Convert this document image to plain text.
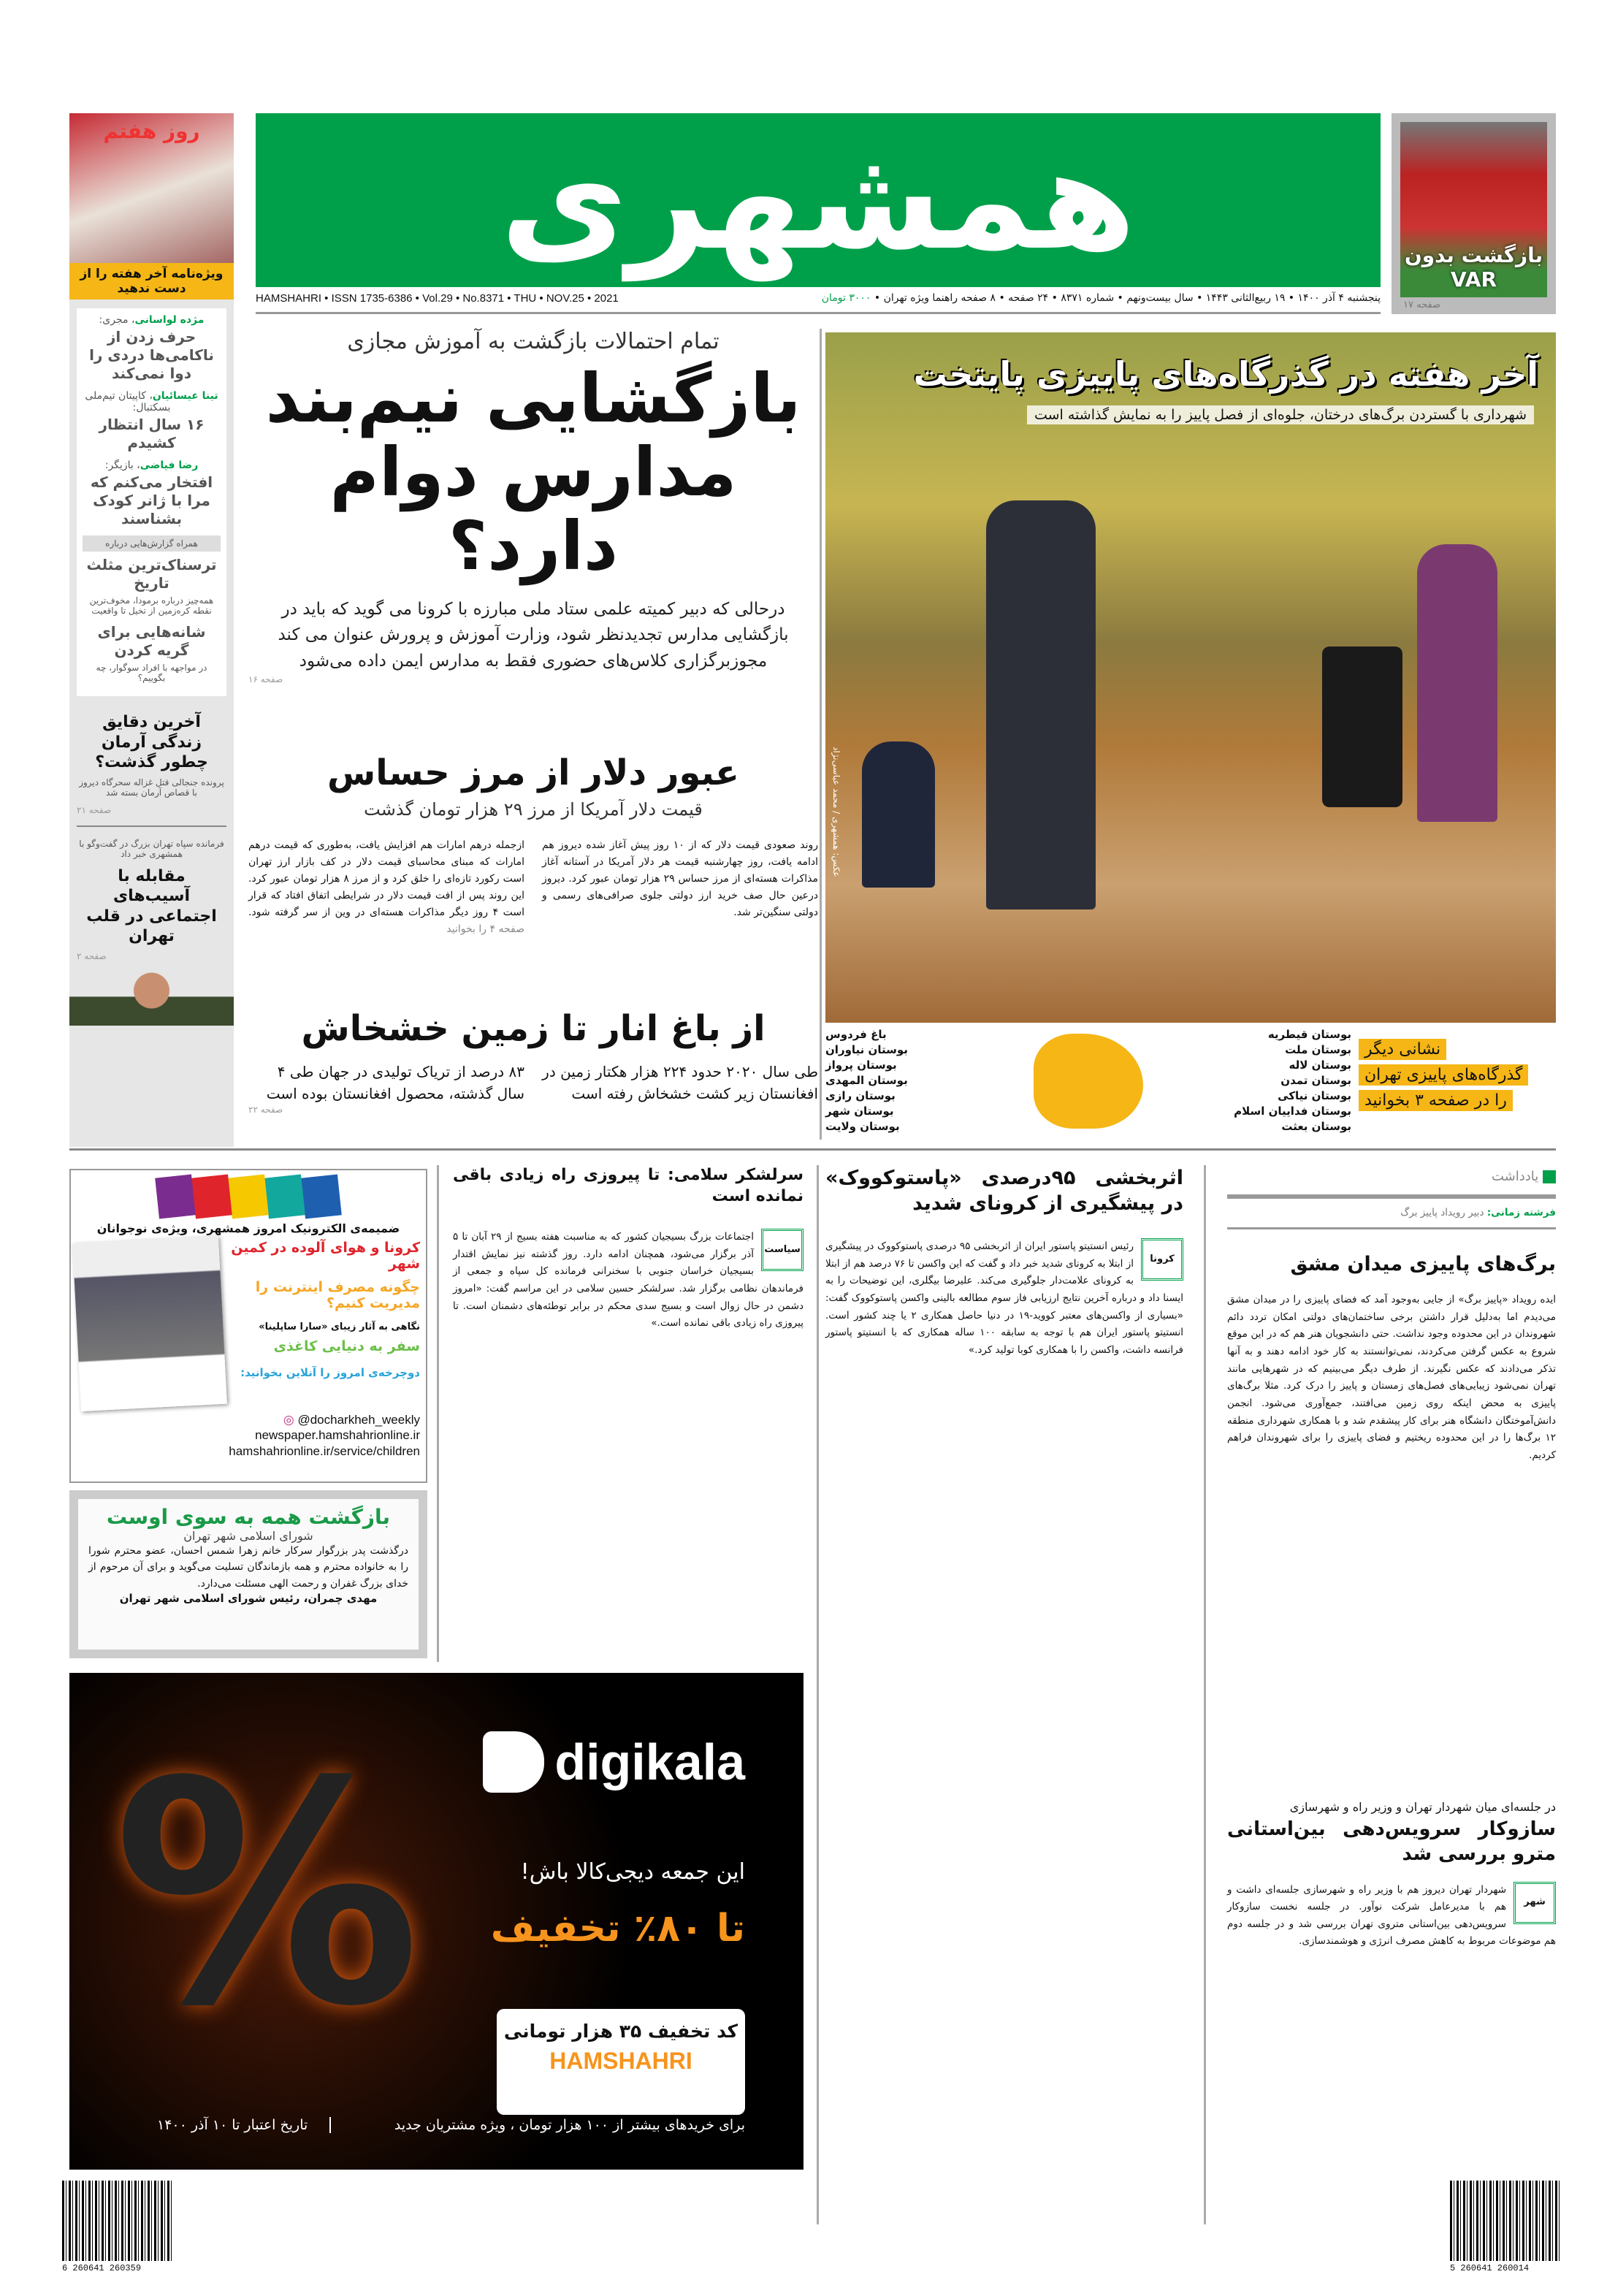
روز هفتم
ویژه‌نامه آخر هفته را از دست ندهید
همشهری	بازگشت بدون VAR
صفحه ۱۷
پنجشنبه ۴ آذر ۱۴۰۰ • ۱۹ ربیع‌الثانی ۱۴۴۳ • سال بیست‌ونهم • شماره ۸۳۷۱ • ۲۴ صفحه • ۸ صفحه راهنما ویژه تهران • ۳۰۰۰ تومان
HAMSHAHRI • ISSN 1735-6386 • Vol.29 • No.8371 • THU • NOV.25 • 2021
مژده لواسانی، مجری:
حرف زدن از ناکامی‌ها دردی را دوا نمی‌کند
تینا عیسائیان، کاپیتان تیم‌ملی بسکتبال:
۱۶ سال انتظار کشیدم
رضا فیاضی، بازیگر:
افتخار می‌کنم که مرا با ژانر کودک بشناسند
همراه گزارش‌هایی درباره
ترسناک‌ترین مثلث تاریخ
همه‌چیز درباره برمودا، مخوف‌ترین نقطه کره‌زمین از تخیل تا واقعیت
شانه‌هایی برای گریه کردن
در مواجهه با افراد سوگوار، چه بگوییم؟
آخرین دقایق زندگی آرمان چطور گذشت؟
پرونده جنجالی قتل غزاله سحرگاه دیروز با قصاص آرمان بسته شد
صفحه ۲۱
فرمانده سپاه تهران بزرگ در گفت‌وگو با همشهری خبر داد
مقابله با آسیب‌های اجتماعی در قلب تهران
صفحه ۲
تمام احتمالات بازگشت به آموزش مجازی
بازگشایی نیم‌بند مدارس دوام دارد؟
درحالی که دبیر کمیته علمی ستاد ملی مبارزه با کرونا می گوید که باید در بازگشایی مدارس تجدیدنظر شود، وزارت آموزش و پرورش عنوان می کند مجوزبرگزاری کلاس‌های حضوری فقط به مدارس ایمن داده می‌شود
صفحه ۱۶
آخر هفته در گذرگاه‌های پاییزی پایتخت
شهرداری با گستردن برگ‌های درختان، جلوه‌ای از فصل پاییز را به نمایش گذاشته است
عکس: همشهری / محمد عباسی‌نژاد
عبور دلار از مرز حساس
قیمت دلار آمریکا از مرز ۲۹ هزار تومان گذشت
روند صعودی قیمت دلار که از ۱۰ روز پیش آغاز شده دیروز هم ادامه یافت، روز چهارشنبه قیمت هر دلار آمریکا در آستانه آغاز مذاکرات هسته‌ای از مرز حساس ۲۹ هزار تومان عبور کرد. دیروز درعین حال صف خرید ارز دولتی جلوی صرافی‌های رسمی و دولتی سنگین‌تر شد.
ازجمله درهم امارات هم افزایش یافت، به‌طوری که قیمت درهم امارات که مبنای محاسبای قیمت دلار در کف بازار ارز تهران است رکورد تازه‌ای را خلق کرد و از مرز ۸ هزار تومان عبور کرد. این روند پس از افت قیمت دلار در شرایطی اتفاق افتاد که قرار است ۴ روز دیگر مذاکرات هسته‌ای در وین از سر گرفته شود. صفحه ۴ را بخوانید
از باغ انار تا زمین خشخاش
طی سال ۲۰۲۰ حدود ۲۲۴ هزار هکتار زمین در افغانستان زیر کشت خشخاش رفته است
۸۳ درصد از تریاک تولیدی در جهان طی ۴ سال گذشته، محصول افغانستان بوده است
صفحه ۲۲
باغ فردوس
بوستان نیاوران
بوستان پرواز
بوستان المهدی
بوستان رازی
بوستان شهر
بوستان ولایت
بوستان قیطریه
بوستان ملت
بوستان لاله
بوستان تمدن
بوستان نیاکی
بوستان فداییان اسلام
بوستان بعثت
نشانی دیگر
گذرگاه‌های پاییزی تهران
را در صفحه ۳ بخوانید
یادداشت
فرشته زمانی: دبیر رویداد پاییز برگ
برگ‌های پاییزی میدان مشق

ایده رویداد «پاییز برگ» از جایی به‌وجود آمد که فضای پاییزی را در میدان مشق می‌دیدم اما به‌دلیل قرار داشتن برخی ساختمان‌های دولتی امکان تردد دائم شهروندان در این محدوده وجود نداشت. حتی دانشجویان هنر هم که در این موقع شروع به عکس گرفتن می‌کردند، نمی‌توانستند به کار خود ادامه دهند و به آنها تذکر می‌دادند که عکس نگیرند. از طرف دیگر می‌بینیم که در شهرهایی مانند تهران نمی‌شود زیبایی‌های فصل‌های زمستان و پاییز را درک کرد. مثلا برگ‌های پاییزی به محض اینکه روی زمین می‌افتند، جمع‌آوری می‌شود. انجمن دانش‌آموختگان دانشگاه هنر برای کار پیشقدم شد و با همکاری شهرداری منطقه ۱۲ برگ‌ها را در این محدوده ریختیم و فضای پاییزی را برای شهروندان فراهم کردیم.

در جلسه‌ای میان شهردار تهران و وزیر راه و شهرسازی
سازوکار سرویس‌دهی بین‌استانی مترو بررسی شد

شهر
شهردار تهران دیروز هم با وزیر راه و شهرسازی جلسه‌ای داشت و هم با مدیرعامل شرکت نوآور. در جلسه نخست سازوکار سرویس‌دهی بین‌استانی متروی تهران بررسی شد و در جلسه دوم هم موضوعات مربوط به کاهش مصرف انرژی و هوشمندسازی.

اثربخشی ۹۵درصدی «پاستوکووک» در پیشگیری از کرونای شدید

کرونا
رئیس انستیتو پاستور ایران از اثربخشی ۹۵ درصدی پاستوکووک در پیشگیری از ابتلا به کرونای شدید خبر داد و گفت که این واکسن تا ۷۶ درصد هم از ابتلا به کرونای علامت‌دار جلوگیری می‌کند. علیرضا بیگلری، این توضیحات را به ایسنا داد و درباره آخرین نتایج ارزیابی فاز سوم مطالعه بالینی واکسن پاستوکووک گفت: «بسیاری از واکسن‌های معتبر کووید-۱۹ در دنیا حاصل همکاری ۲ یا چند کشور است. انستیتو پاستور ایران هم با توجه به سابقه ۱۰۰ ساله همکاری که با انستیتو پاستور فرانسه داشت، واکسن را با همکاری کوبا تولید کرد.»

سرلشکر سلامی: تا پیروزی راه زیادی باقی نمانده است

سیاست
اجتماعات بزرگ بسیجیان کشور که به مناسبت هفته بسیج از ۲۹ آبان تا ۵ آذر برگزار می‌شود، همچنان ادامه دارد. روز گذشته نیز نمایش اقتدار بسیجیان خراسان جنوبی با سخنرانی فرمانده کل سپاه و جمعی از فرماندهان نظامی برگزار شد. سرلشکر حسین سلامی در این مراسم گفت: «امروز دشمن در حال زوال است و بسیج سدی محکم در برابر توطئه‌های دشمنان است. تا پیروزی راه زیادی باقی نمانده است.»

ضمیمه‌ی الکترونیک امروز همشهری، ویژه‌ی نوجوانان
کرونا و هوای آلوده در کمین شهر
چگونه مصرف اینترنت را مدیریت کنیم؟
نگاهی به آثار زیبای «سارا ساپلینا»
سفر به دنیایی کاغذی
دوچرخه‌ی امروز را آنلاین بخوانید:
◎ @docharkheh_weekly
newspaper.hamshahrionline.ir
hamshahrionline.ir/service/children
بازگشت همه به سوی اوست
شورای اسلامی شهر تهران
درگذشت پدر بزرگوار سرکار خانم زهرا شمس احسان، عضو محترم شورا را به خانواده محترم و همه بازماندگان تسلیت می‌گوید و برای آن مرحوم از خدای بزرگ غفران و رحمت الهی مسئلت می‌دارد.
مهدی چمران، رئیس شورای اسلامی شهر تهران
%	digikala
این جمعه دیجی‌کالا باش!
تا ۸۰٪ تخفیف
کد تخفیف ۳۵ هزار تومانی
HAMSHAHRI
برای خریدهای بیشتر از ۱۰۰ هزار تومان ، ویژه مشتریان جدید
تاریخ اعتبار تا ۱۰ آذر ۱۴۰۰
6 260641 260359	5 260641 260014
